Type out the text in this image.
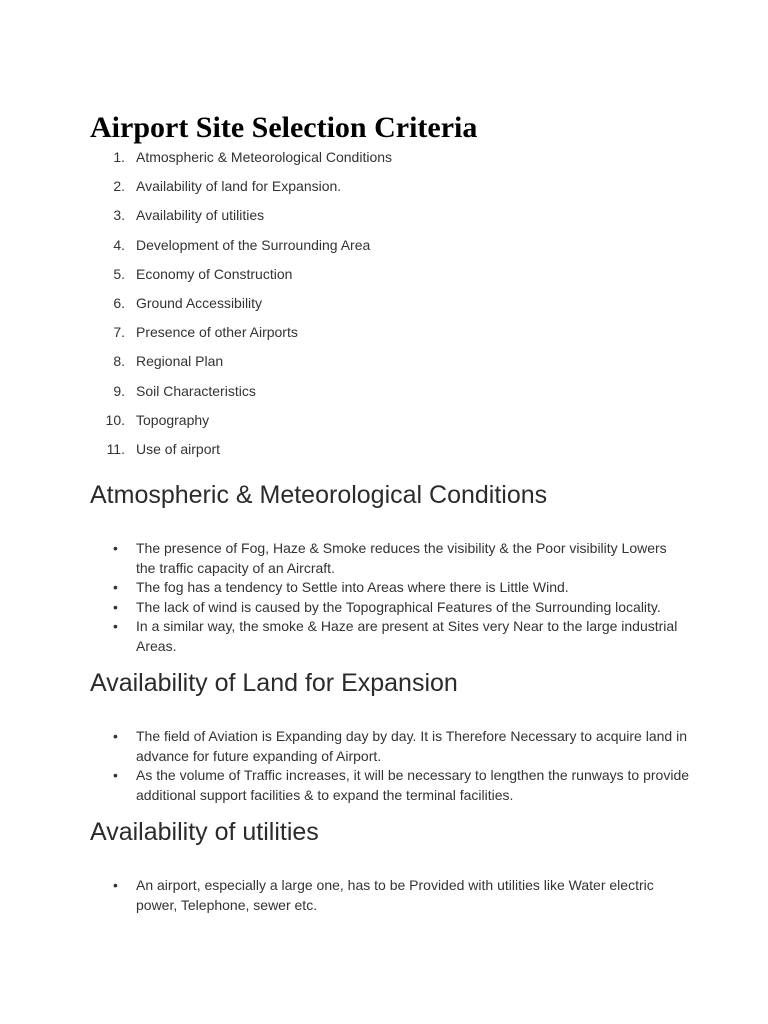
Airport Site Selection Criteria
1. Atmospheric & Meteorological Conditions
2. Availability of land for Expansion.
3. Availability of utilities
4. Development of the Surrounding Area
5. Economy of Construction
6. Ground Accessibility
7. Presence of other Airports
8. Regional Plan
9. Soil Characteristics
10. Topography
11. Use of airport
Atmospheric & Meteorological Conditions
• The presence of Fog, Haze & Smoke reduces the visibility & the Poor visibility Lowers the traffic capacity of an Aircraft.
• The fog has a tendency to Settle into Areas where there is Little Wind.
• The lack of wind is caused by the Topographical Features of the Surrounding locality.
• In a similar way, the smoke & Haze are present at Sites very Near to the large industrial Areas.
Availability of Land for Expansion
• The field of Aviation is Expanding day by day. It is Therefore Necessary to acquire land in advance for future expanding of Airport.
• As the volume of Traffic increases, it will be necessary to lengthen the runways to provide additional support facilities & to expand the terminal facilities.
Availability of utilities
• An airport, especially a large one, has to be Provided with utilities like Water electric power, Telephone, sewer etc.
